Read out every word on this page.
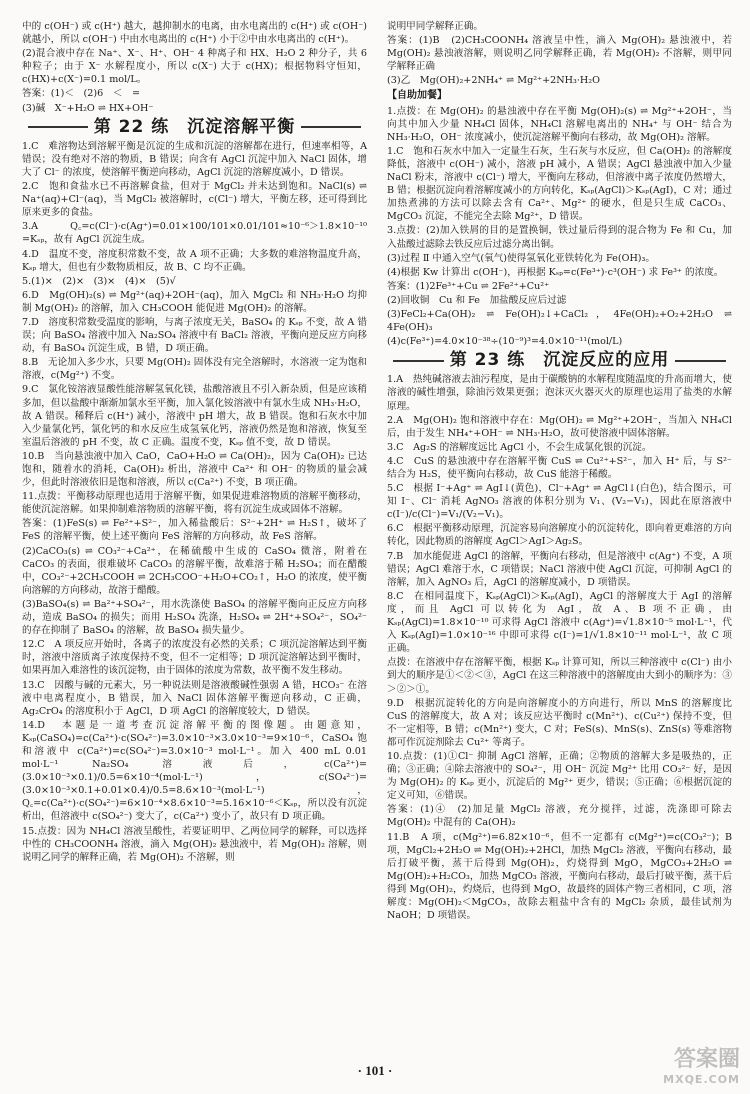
中的 c(OH⁻) 或 c(H⁺) 越大，越抑制水的电离，由水电离出的 c(H⁺) 或 c(OH⁻) 就越小，所以 c(OH⁻) 中由水电离出的 c(H⁺) 小于②中由水电离出的 c(H⁺)。

(2)混合液中存在 Na⁺、X⁻、H⁺、OH⁻ 4 种离子和 HX、H₂O 2 种分子，共 6 种粒子；由于 X⁻ 水解程度小，所以 c(X⁻) 大于 c(HX)；根据物料守恒知，c(HX)+c(X⁻)=0.1 mol/L。

答案：(1)＜　(2)6　＜　=

(3)碱　X⁻+H₂O ⇌ HX+OH⁻

第 22 练　沉淀溶解平衡

1.C　难溶物达到溶解平衡是沉淀的生成和沉淀的溶解都在进行，但速率相等，A 错误；没有绝对不溶的物质，B 错误；向含有 AgCl 沉淀中加入 NaCl 固体，增大了 Cl⁻ 的浓度，使溶解平衡逆向移动，AgCl 沉淀的溶解度减小，D 错误。

2.C　饱和食盐水已不再溶解食盐，但对于 MgCl₂ 并未达到饱和。NaCl(s) ⇌ Na⁺(aq)+Cl⁻(aq)，当 MgCl₂ 被溶解时，c(Cl⁻) 增大，平衡左移，还可得到比原来更多的食盐。

3.A　Q꜀=c(Cl⁻)·c(Ag⁺)=0.01×100/101×0.01/101≈10⁻⁶＞1.8×10⁻¹⁰ =Kₛₚ，故有 AgCl 沉淀生成。

4.D　温度不变，溶度积常数不变，故 A 项不正确；大多数的难溶物温度升高，Kₛₚ 增大，但也有少数物质相反，故 B、C 均不正确。

5.(1)×　(2)×　(3)×　(4)×　(5)√

6.D　Mg(OH)₂(s) ⇌ Mg²⁺(aq)+2OH⁻(aq)，加入 MgCl₂ 和 NH₃·H₂O 均抑制 Mg(OH)₂ 的溶解，加入 CH₃COOH 能促进 Mg(OH)₂ 的溶解。

7.D　溶度积常数受温度的影响，与离子浓度无关，BaSO₄ 的 Kₛₚ 不变，故 A 错误；向 BaSO₄ 溶液中加入 Na₂SO₄ 溶液中有 BaCl₂ 溶液，平衡向逆反应方向移动，有 BaSO₄ 沉淀生成，B 错，D 项正确。

8.B　无论加入多少水，只要 Mg(OH)₂ 固体没有完全溶解时，水溶液一定为饱和溶液，c(Mg²⁺) 不变。

9.C　氯化铵溶液显酸性能溶解氢氧化镁，盐酸溶液且不引入新杂质，但是应该稍多加，但以盐酸中渐渐加氯水至平衡，加入氯化铵溶液中有氯水生成 NH₃·H₂O，故 A 错误。稀释后 c(H⁺) 减小，溶液中 pH 增大，故 B 错误。饱和石灰水中加入少量氯化钙，氯化钙的和水反应生成氢氧化钙，溶液仍然是饱和溶液，恢复至室温后溶液的 pH 不变，故 C 正确。温度不变，Kₛₚ 值不变，故 D 错误。

10.B　当向悬浊液中加入 CaO，CaO+H₂O ⇌ Ca(OH)₂，因为 Ca(OH)₂ 已达饱和，随着水的消耗，Ca(OH)₂ 析出，溶液中 Ca²⁺ 和 OH⁻ 的物质的量会减少，但此时溶液依旧是饱和溶液，所以 c(Ca²⁺) 不变，B 项正确。

11.点拨：平衡移动原理也适用于溶解平衡，如果促进难溶物质的溶解平衡移动，能使沉淀溶解。如果抑制难溶物质的溶解平衡，将有沉淀生成或固体不溶解。

答案：(1)FeS(s) ⇌ Fe²⁺+S²⁻，加入稀盐酸后：S²⁻+2H⁺ ⇌ H₂S↑，破坏了 FeS 的溶解平衡，使上述平衡向 FeS 溶解的方向移动，故 FeS 溶解。

(2)CaCO₃(s) ⇌ CO₃²⁻+Ca²⁺，在稀硫酸中生成的 CaSO₄ 微溶，附着在 CaCO₃ 的表面，很难破坏 CaCO₃ 的溶解平衡，故难溶于稀 H₂SO₄；而在醋酸中，CO₃²⁻+2CH₃COOH ⇌ 2CH₃COO⁻+H₂O+CO₂↑，H₂O 的浓度，使平衡向溶解的方向移动，故溶于醋酸。

(3)BaSO₄(s) ⇌ Ba²⁺+SO₄²⁻，用水洗涤使 BaSO₄ 的溶解平衡向正反应方向移动，造成 BaSO₄ 的损失；而用 H₂SO₄ 洗涤，H₂SO₄ ⇌ 2H⁺+SO₄²⁻，SO₄²⁻ 的存在抑制了 BaSO₄ 的溶解，故 BaSO₄ 损失量少。

12.C　A 项反应开始时，各离子的浓度没有必然的关系；C 项沉淀溶解达到平衡时，溶液中溶质离子浓度保持不变，但不一定相等；D 项沉淀溶解达到平衡时，如果再加入难溶性的该沉淀物，由于固体的浓度为常数，故平衡不发生移动。

13.C　因酸与碱的元素大，另一种说法则是溶液酸碱性强弱 A 错，HCO₃⁻ 在溶液中电离程度小，B 错误，加入 NaCl 固体溶解平衡逆向移动，C 正确，Ag₂CrO₄ 的溶度积小于 AgCl，D 项 AgCl 的溶解度较大，D 错误。

14.D　本题是一道考查沉淀溶解平衡的图像题。由题意知，Kₛₚ(CaSO₄)=c(Ca²⁺)·c(SO₄²⁻)=3.0×10⁻³×3.0×10⁻³=9×10⁻⁶，CaSO₄ 饱和溶液中 c(Ca²⁺)=c(SO₄²⁻)=3.0×10⁻³ mol·L⁻¹。加入 400 mL 0.01 mol·L⁻¹ Na₂SO₄ 溶液后，c(Ca²⁺)=(3.0×10⁻³×0.1)/0.5=6×10⁻⁴(mol·L⁻¹)，c(SO₄²⁻)=(3.0×10⁻³×0.1+0.01×0.4)/0.5=8.6×10⁻³(mol·L⁻¹)，Q꜀=c(Ca²⁺)·c(SO₄²⁻)=6×10⁻⁴×8.6×10⁻³=5.16×10⁻⁶＜Kₛₚ，所以没有沉淀析出，但溶液中 c(SO₄²⁻) 变大了，c(Ca²⁺) 变小了，故只有 D 项正确。

15.点拨：因为 NH₄Cl 溶液呈酸性，若要证明甲、乙两位同学的解释，可以选择中性的 CH₃COONH₄ 溶液，滴入 Mg(OH)₂ 悬浊液中，若 Mg(OH)₂ 溶解，则说明乙同学的解释正确，若 Mg(OH)₂ 不溶解，则

说明甲同学解释正确。

答案：(1)B　(2)CH₃COONH₄ 溶液呈中性，滴入 Mg(OH)₂ 悬浊液中，若 Mg(OH)₂ 悬浊液溶解，则说明乙同学解释正确，若 Mg(OH)₂ 不溶解，则甲同学解释正确

(3)乙　Mg(OH)₂+2NH₄⁺ ⇌ Mg²⁺+2NH₃·H₂O

【自助加餐】

1.点拨：在 Mg(OH)₂ 的悬浊液中存在平衡 Mg(OH)₂(s) ⇌ Mg²⁺+2OH⁻，当向其中加入少量 NH₄Cl 固体，NH₄Cl 溶解电离出的 NH₄⁺ 与 OH⁻ 结合为 NH₃·H₂O，OH⁻ 浓度减小，使沉淀溶解平衡向右移动，故 Mg(OH)₂ 溶解。

1.C　饱和石灰水中加入一定量生石灰，生石灰与水反应，但 Ca(OH)₂ 的溶解度降低，溶液中 c(OH⁻) 减小，溶液 pH 减小，A 错误；AgCl 悬浊液中加入少量 NaCl 粉末，溶液中 c(Cl⁻) 增大，平衡向左移动，但溶液中离子浓度仍然增大，B 错；根据沉淀向着溶解度减小的方向转化，Kₛₚ(AgCl)＞Kₛₚ(AgI)，C 对；通过加热煮沸的方法可以除去含有 Ca²⁺、Mg²⁺ 的硬水，但是只生成 CaCO₃、MgCO₃ 沉淀，不能完全去除 Mg²⁺，D 错误。

3.点拨：(2)加入铁屑的目的是置换铜，铁过量后得到的混合物为 Fe 和 Cu，加入盐酸过滤除去铁反应后过滤分离出铜。

(3)过程 Ⅱ 中通入空气(氧气)使得氢氧化亚铁转化为 Fe(OH)₃。

(4)根据 Kw 计算出 c(OH⁻)，再根据 Kₛₚ=c(Fe³⁺)·c³(OH⁻) 求 Fe³⁺ 的浓度。

答案：(1)2Fe³⁺+Cu ⇌ 2Fe²⁺+Cu²⁺

(2)回收铜　Cu 和 Fe　加盐酸反应后过滤

(3)FeCl₂+Ca(OH)₂ ⇌ Fe(OH)₂↓+CaCl₂，4Fe(OH)₂+O₂+2H₂O ⇌ 4Fe(OH)₃

(4)c(Fe³⁺)=4.0×10⁻³⁸÷(10⁻⁹)³=4.0×10⁻¹¹(mol/L)

第 23 练　沉淀反应的应用

1.A　热纯碱溶液去油污程度，是由于碳酸钠的水解程度随温度的升高而增大，使溶液的碱性增强，除油污效果更强；泡沫灭火器灭火的原理也运用了盐类的水解原理。

2.A　Mg(OH)₂ 饱和溶液中存在：Mg(OH)₂ ⇌ Mg²⁺+2OH⁻，当加入 NH₄Cl 后，由于发生 NH₄⁺+OH⁻ ⇌ NH₃·H₂O，故可使溶液中固体溶解。

3.C　Ag₂S 的溶解度远比 AgCl 小，不会生成氯化银的沉淀。

4.C　CuS 的悬浊液中存在溶解平衡 CuS ⇌ Cu²⁺+S²⁻，加入 H⁺ 后，与 S²⁻ 结合为 H₂S，使平衡向右移动，故 CuS 能溶于稀酸。

5.C　根据 I⁻+Ag⁺ ⇌ AgI↓(黄色)，Cl⁻+Ag⁺ ⇌ AgCl↓(白色)，结合图示，可知 I⁻、Cl⁻ 消耗 AgNO₃ 溶液的体积分别为 V₁、(V₂−V₁)，因此在原溶液中 c(I⁻)/c(Cl⁻)=V₁/(V₂−V₁)。

6.C　根据平衡移动原理，沉淀容易向溶解度小的沉淀转化，即向着更难溶的方向转化，因此物质的溶解度 AgCl＞AgI＞Ag₂S。

7.B　加水能促进 AgCl 的溶解，平衡向右移动，但是溶液中 c(Ag⁺) 不变，A 项错误；AgCl 难溶于水，C 项错误；NaCl 溶液中使 AgCl 沉淀，可抑制 AgCl 的溶解，加入 AgNO₃ 后，AgCl 的溶解度减小，D 项错误。

8.C　在相同温度下，Kₛₚ(AgCl)＞Kₛₚ(AgI)，AgCl 的溶解度大于 AgI 的溶解度，而且 AgCl 可以转化为 AgI，故 A、B 项不正确，由 Kₛₚ(AgCl)=1.8×10⁻¹⁰ 可求得 AgCl 溶液中 c(Ag⁺)=√1.8×10⁻⁵ mol·L⁻¹，代入 Kₛₚ(AgI)=1.0×10⁻¹⁶ 中即可求得 c(I⁻)=1/√1.8×10⁻¹¹ mol·L⁻¹，故 C 项正确。

点拨：在溶液中存在溶解平衡，根据 Kₛₚ 计算可知，所以三种溶液中 c(Cl⁻) 由小到大的顺序是①＜②＜③，AgCl 在这三种溶液中的溶解度由大到小的顺序为：③＞②＞①。

9.D　根据沉淀转化的方向是向溶解度小的方向进行，所以 MnS 的溶解度比 CuS 的溶解度大，故 A 对；该反应达平衡时 c(Mn²⁺)、c(Cu²⁺) 保持不变，但不一定相等，B 错；c(Mn²⁺) 变大，C 对；FeS(s)、MnS(s)、ZnS(s) 等难溶物都可作沉淀剂除去 Cu²⁺ 等离子。

10.点拨：(1)①Cl⁻ 抑制 AgCl 溶解，正确；②物质的溶解大多是吸热的，正确；③正确；④除去溶液中的 SO₄²⁻，用 OH⁻ 沉淀 Mg²⁺ 比用 CO₃²⁻ 好，是因为 Mg(OH)₂ 的 Kₛₚ 更小，沉淀后的 Mg²⁺ 更少，错误；⑤正确；⑥根据沉淀的定义可知，⑥错误。

答案：(1)④　(2)加足量 MgCl₂ 溶液，充分搅拌，过滤，洗涤即可除去 Mg(OH)₂ 中混有的 Ca(OH)₂

11.B　A 项，c(Mg²⁺)=6.82×10⁻⁶，但不一定都有 c(Mg²⁺)=c(CO₃²⁻)；B 项，MgCl₂+2H₂O ⇌ Mg(OH)₂+2HCl，加热 MgCl₂ 溶液，平衡向右移动，最后打破平衡，蒸干后得到 Mg(OH)₂，灼烧得到 MgO，MgCO₃+2H₂O ⇌ Mg(OH)₂+H₂CO₃，加热 MgCO₃ 溶液，平衡向右移动，最后打破平衡，蒸干后得到 Mg(OH)₂，灼烧后，也得到 MgO，故最终的固体产物三者相同，C 项，溶解度：Mg(OH)₂＜MgCO₃，故除去粗盐中含有的 MgCl₂ 杂质，最佳试剂为 NaOH；D 项错误。

· 101 ·	答案圈
MXQE.COM
